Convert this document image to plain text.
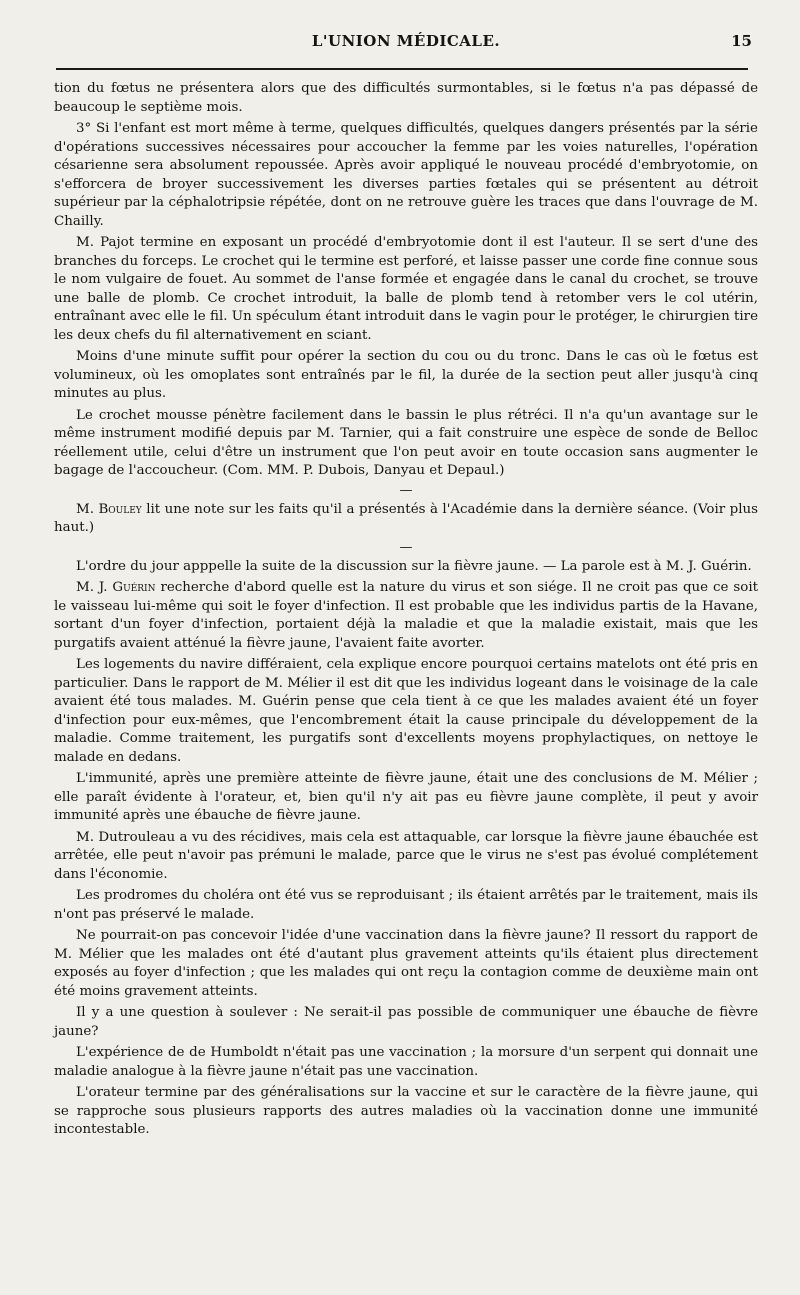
L'UNION MÉDICALE.	15

tion du fœtus ne présentera alors que des difficultés surmontables, si le fœtus n'a pas dépassé de beaucoup le septième mois.

3° Si l'enfant est mort même à terme, quelques difficultés, quelques dangers présentés par la série d'opérations successives nécessaires pour accoucher la femme par les voies naturelles, l'opération césarienne sera absolument repoussée. Après avoir appliqué le nouveau procédé d'embryotomie, on s'efforcera de broyer successivement les diverses parties fœtales qui se présentent au détroit supérieur par la céphalotripsie répétée, dont on ne retrouve guère les traces que dans l'ouvrage de M. Chailly.

M. Pajot termine en exposant un procédé d'embryotomie dont il est l'auteur. Il se sert d'une des branches du forceps. Le crochet qui le termine est perforé, et laisse passer une corde fine connue sous le nom vulgaire de fouet. Au sommet de l'anse formée et engagée dans le canal du crochet, se trouve une balle de plomb. Ce crochet introduit, la balle de plomb tend à retomber vers le col utérin, entraînant avec elle le fil. Un spéculum étant introduit dans le vagin pour le protéger, le chirurgien tire les deux chefs du fil alternativement en sciant.

Moins d'une minute suffit pour opérer la section du cou ou du tronc. Dans le cas où le fœtus est volumineux, où les omoplates sont entraînés par le fil, la durée de la section peut aller jusqu'à cinq minutes au plus.

Le crochet mousse pénètre facilement dans le bassin le plus rétréci. Il n'a qu'un avantage sur le même instrument modifié depuis par M. Tarnier, qui a fait construire une espèce de sonde de Belloc réellement utile, celui d'être un instrument que l'on peut avoir en toute occasion sans augmenter le bagage de l'accoucheur. (Com. MM. P. Dubois, Danyau et Depaul.)

—

M. Bouley lit une note sur les faits qu'il a présentés à l'Académie dans la dernière séance. (Voir plus haut.)

—

L'ordre du jour apppelle la suite de la discussion sur la fièvre jaune. — La parole est à M. J. Guérin.

M. J. Guérin recherche d'abord quelle est la nature du virus et son siége. Il ne croit pas que ce soit le vaisseau lui-même qui soit le foyer d'infection. Il est probable que les individus partis de la Havane, sortant d'un foyer d'infection, portaient déjà la maladie et que la maladie existait, mais que les purgatifs avaient atténué la fièvre jaune, l'avaient faite avorter.

Les logements du navire différaient, cela explique encore pourquoi certains matelots ont été pris en particulier. Dans le rapport de M. Mélier il est dit que les individus logeant dans le voisinage de la cale avaient été tous malades. M. Guérin pense que cela tient à ce que les malades avaient été un foyer d'infection pour eux-mêmes, que l'encombrement était la cause principale du développement de la maladie. Comme traitement, les purgatifs sont d'excellents moyens prophylactiques, on nettoye le malade en dedans.

L'immunité, après une première atteinte de fièvre jaune, était une des conclusions de M. Mélier ; elle paraît évidente à l'orateur, et, bien qu'il n'y ait pas eu fièvre jaune complète, il peut y avoir immunité après une ébauche de fièvre jaune.

M. Dutrouleau a vu des récidives, mais cela est attaquable, car lorsque la fièvre jaune ébauchée est arrêtée, elle peut n'avoir pas prémuni le malade, parce que le virus ne s'est pas évolué complétement dans l'économie.

Les prodromes du choléra ont été vus se reproduisant ; ils étaient arrêtés par le traitement, mais ils n'ont pas préservé le malade.

Ne pourrait-on pas concevoir l'idée d'une vaccination dans la fièvre jaune? Il ressort du rapport de M. Mélier que les malades ont été d'autant plus gravement atteints qu'ils étaient plus directement exposés au foyer d'infection ; que les malades qui ont reçu la contagion comme de deuxième main ont été moins gravement atteints.

Il y a une question à soulever : Ne serait-il pas possible de communiquer une ébauche de fièvre jaune?

L'expérience de de Humboldt n'était pas une vaccination ; la morsure d'un serpent qui donnait une maladie analogue à la fièvre jaune n'était pas une vaccination.

L'orateur termine par des généralisations sur la vaccine et sur le caractère de la fièvre jaune, qui se rapproche sous plusieurs rapports des autres maladies où la vaccination donne une immunité incontestable.
